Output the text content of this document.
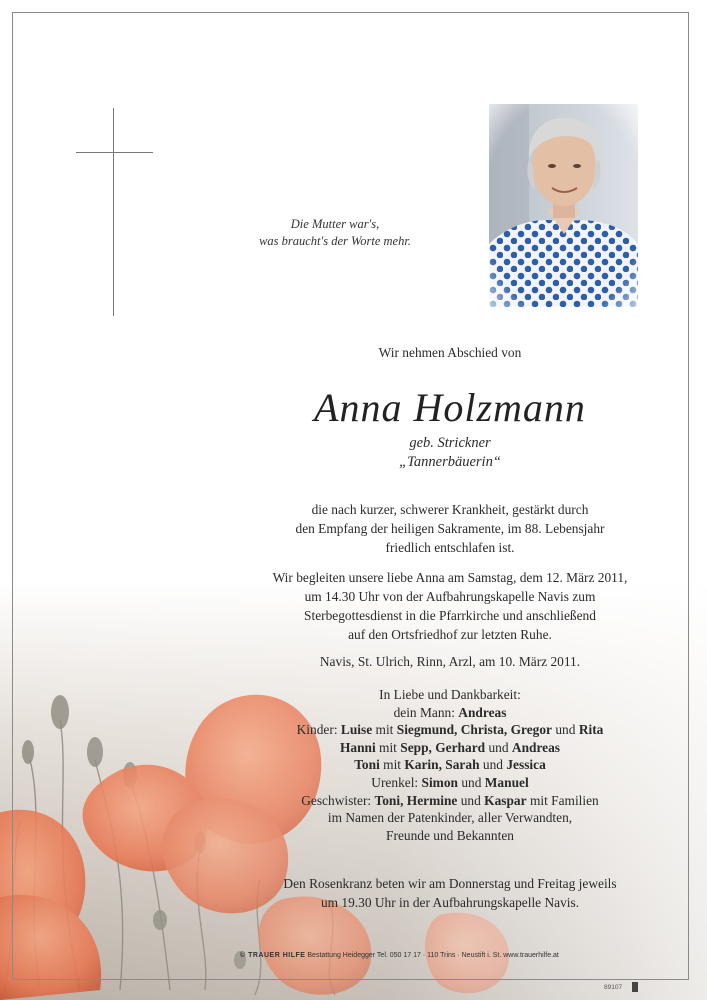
Die Mutter war's,
was braucht's der Worte mehr.
Wir nehmen Abschied von
Anna Holzmann
geb. Strickner
„Tannerbäuerin“
die nach kurzer, schwerer Krankheit, gestärkt durch
den Empfang der heiligen Sakramente, im 88. Lebensjahr
friedlich entschlafen ist.
Wir begleiten unsere liebe Anna am Samstag, dem 12. März 2011,
um 14.30 Uhr von der Aufbahrungskapelle Navis zum
Sterbegottesdienst in die Pfarrkirche und anschließend
auf den Ortsfriedhof zur letzten Ruhe.
Navis, St. Ulrich, Rinn, Arzl, am 10. März 2011.
In Liebe und Dankbarkeit:
dein Mann: Andreas
Kinder: Luise mit Siegmund, Christa, Gregor und Rita
Hanni mit Sepp, Gerhard und Andreas
Toni mit Karin, Sarah und Jessica
Urenkel: Simon und Manuel
Geschwister: Toni, Hermine und Kaspar mit Familien
im Namen der Patenkinder, aller Verwandten,
Freunde und Bekannten
Den Rosenkranz beten wir am Donnerstag und Freitag jeweils
um 19.30 Uhr in der Aufbahrungskapelle Navis.
© TRAUER HILFE Bestattung Heidegger Tel. 050 17 17 · 110 Trins · Neustift i. St. www.trauerhilfe.at
89107
